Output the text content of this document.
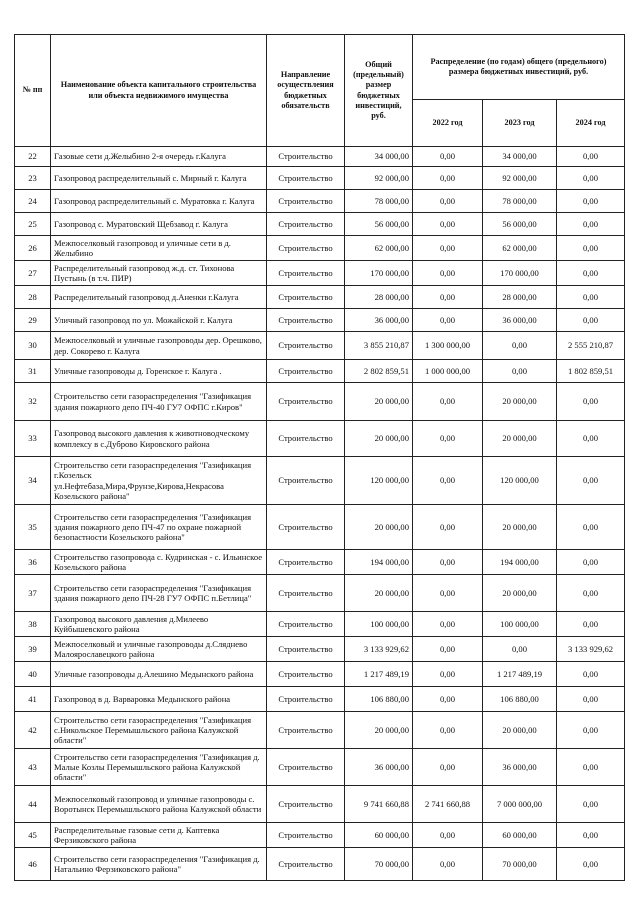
№ пп	Наименование объекта капитального строительства или объекта недвижимого имущества	Направление осуществления бюджетных обязательств	Общий (предельный) размер бюджетных инвестиций, руб.	Распределение (по годам) общего (предельного) размера бюджетных инвестиций, руб.		
				2022 год	2023 год	2024 год
22	Газовые сети д.Желыбино 2-я очередь г.Калуга	Строительство	34 000,00	0,00	34 000,00	0,00
23	Газопровод распределительный с. Мирный г. Калуга	Строительство	92 000,00	0,00	92 000,00	0,00
24	Газопровод распределительный с. Муратовка г. Калуга	Строительство	78 000,00	0,00	78 000,00	0,00
25	Газопровод с. Муратовский Щебзавод г. Калуга	Строительство	56 000,00	0,00	56 000,00	0,00
26	Межпоселковый газопровод и уличные сети в д. Желыбино	Строительство	62 000,00	0,00	62 000,00	0,00
27	Распределительный газопровод ж.д. ст. Тихонова Пустынь (в т.ч. ПИР)	Строительство	170 000,00	0,00	170 000,00	0,00
28	Распределительный газопровод д.Аненки г.Калуга	Строительство	28 000,00	0,00	28 000,00	0,00
29	Уличный газопровод по ул. Можайской г. Калуга	Строительство	36 000,00	0,00	36 000,00	0,00
30	Межпоселковый и уличные газопроводы дер. Орешково, дер. Сокорево г. Калуга	Строительство	3 855 210,87	1 300 000,00	0,00	2 555 210,87
31	Уличные газопроводы д. Горенское г. Калуга .	Строительство	2 802 859,51	1 000 000,00	0,00	1 802 859,51
32	Строительство сети газораспределения "Газификация здания пожарного депо ПЧ-40 ГУ7 ОФПС г.Киров"	Строительство	20 000,00	0,00	20 000,00	0,00
33	Газопровод высокого давления к животноводческому комплексу в с.Дуброво Кировского района	Строительство	20 000,00	0,00	20 000,00	0,00
34	Строительство сети газораспределения "Газификация г.Козельск ул.Нефтебаза,Мира,Фрунзе,Кирова,Некрасова Козельского района"	Строительство	120 000,00	0,00	120 000,00	0,00
35	Строительство сети газораспределения "Газификация здания пожарного депо ПЧ-47 по охране пожарной безопастности Козельского района"	Строительство	20 000,00	0,00	20 000,00	0,00
36	Строительство газопровода с. Кудринская - с. Ильинское Козельского района	Строительство	194 000,00	0,00	194 000,00	0,00
37	Строительство сети газораспределения "Газификация здания пожарного депо ПЧ-28 ГУ7 ОФПС п.Бетлица"	Строительство	20 000,00	0,00	20 000,00	0,00
38	Газопровод высокого давления д.Милеево Куйбышевского района	Строительство	100 000,00	0,00	100 000,00	0,00
39	Межпоселковый и уличные газопроводы д.Слядневo Малоярославецкого района	Строительство	3 133 929,62	0,00	0,00	3 133 929,62
40	Уличные газопроводы д.Алешино Медынского района	Строительство	1 217 489,19	0,00	1 217 489,19	0,00
41	Газопровод в д. Варваровка Медынского района	Строительство	106 880,00	0,00	106 880,00	0,00
42	Строительство сети газораспределения "Газификация с.Никольское Перемышльского района Калужской области"	Строительство	20 000,00	0,00	20 000,00	0,00
43	Строительство сети газораспределения "Газификация д. Малые Козлы Перемышльского района Калужской области"	Строительство	36 000,00	0,00	36 000,00	0,00
44	Межпоселковый газопровод и уличные газопроводы с. Воротынск Перемышльского района Калужской области	Строительство	9 741 660,88	2 741 660,88	7 000 000,00	0,00
45	Распределительные газовые сети д. Каптевка Ферзиковского района	Строительство	60 000,00	0,00	60 000,00	0,00
46	Строительство сети газораспределения "Газификация д. Натальино Ферзиковского района"	Строительство	70 000,00	0,00	70 000,00	0,00
